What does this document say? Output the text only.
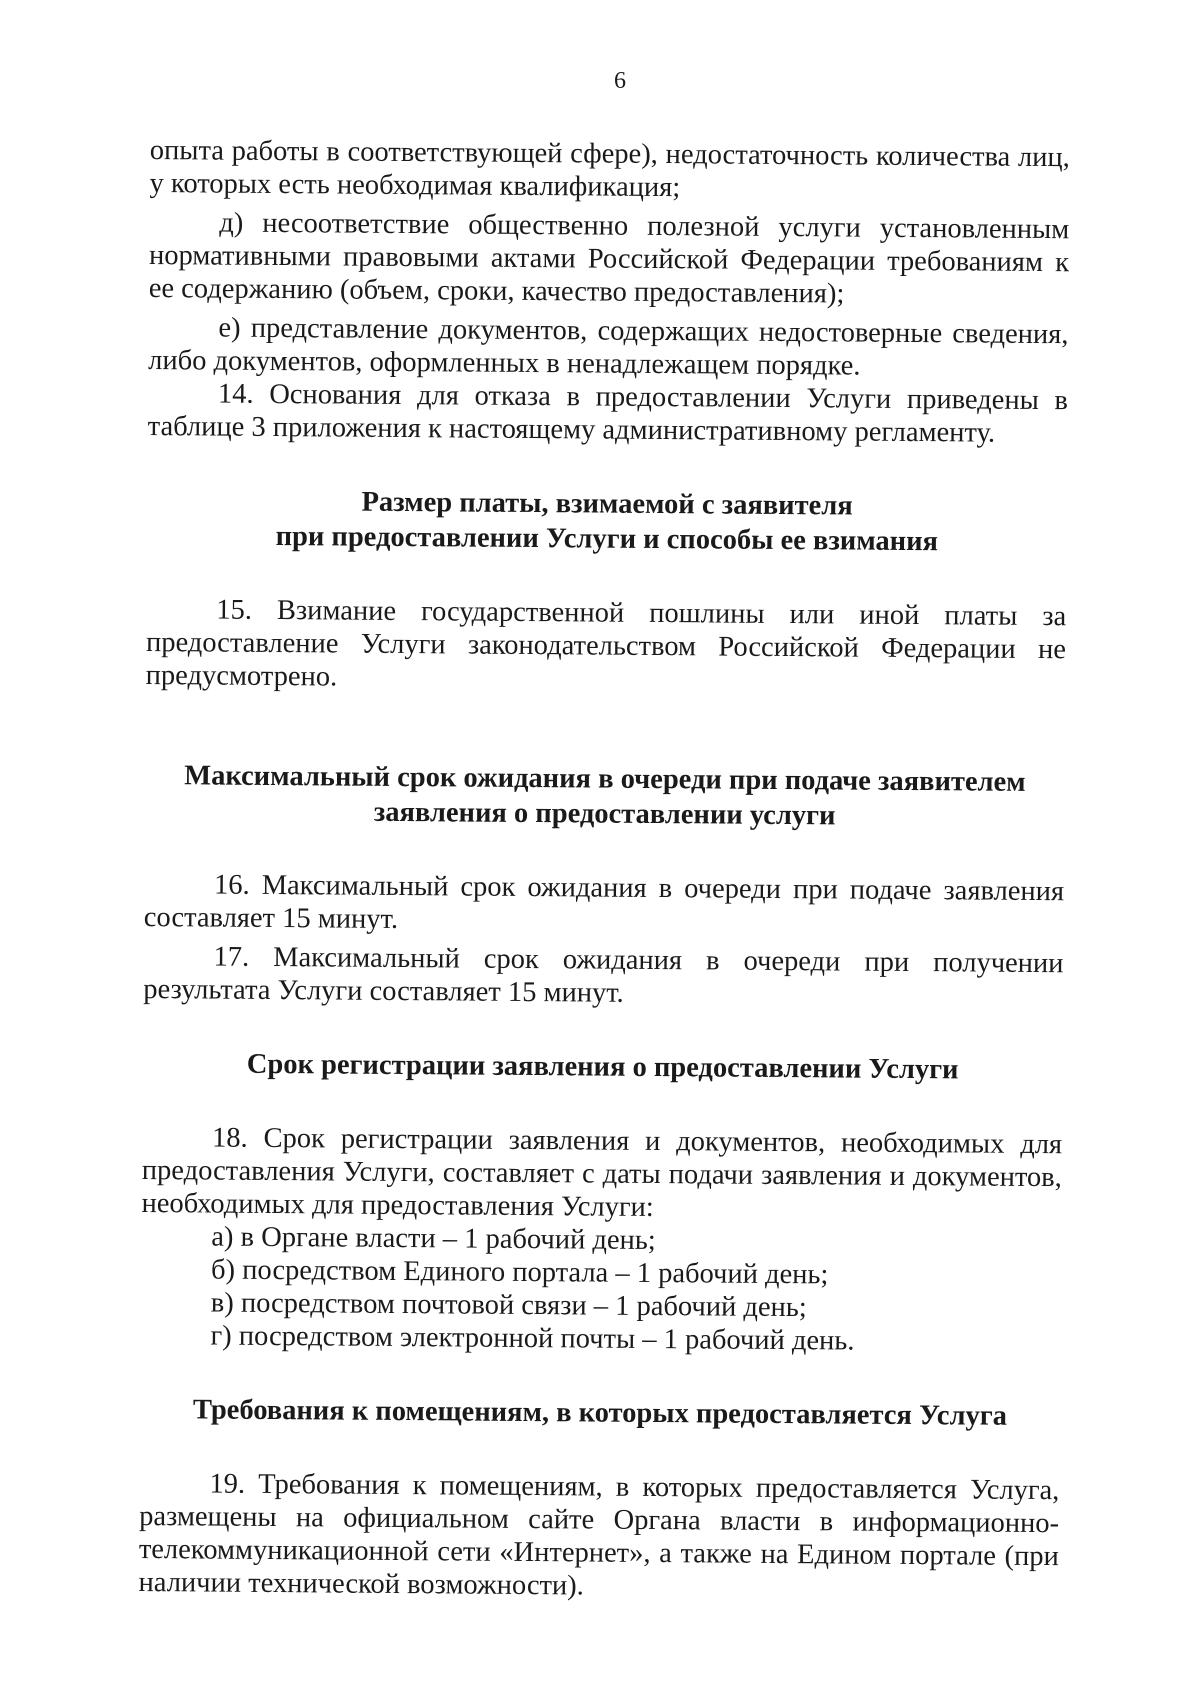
6

опыта работы в соответствующей сфере), недостаточность количества лиц, у которых есть необходимая квалификация;

д) несоответствие общественно полезной услуги установленным нормативными правовыми актами Российской Федерации требованиям к ее содержанию (объем, сроки, качество предоставления);

е) представление документов, содержащих недостоверные сведения, либо документов, оформленных в ненадлежащем порядке.

14. Основания для отказа в предоставлении Услуги приведены в таблице 3 приложения к настоящему административному регламенту.

Размер платы, взимаемой с заявителя

при предоставлении Услуги и способы ее взимания

15. Взимание государственной пошлины или иной платы за предоставление Услуги законодательством Российской Федерации не предусмотрено.

Максимальный срок ожидания в очереди при подаче заявителем

заявления о предоставлении услуги

16. Максимальный срок ожидания в очереди при подаче заявления составляет 15 минут.

17. Максимальный срок ожидания в очереди при получении результата Услуги составляет 15 минут.

Срок регистрации заявления о предоставлении Услуги

18. Срок регистрации заявления и документов, необходимых для предоставления Услуги, составляет с даты подачи заявления и документов, необходимых для предоставления Услуги:

а) в Органе власти – 1 рабочий день;

б) посредством Единого портала – 1 рабочий день;

в) посредством почтовой связи – 1 рабочий день;

г) посредством электронной почты – 1 рабочий день.

Требования к помещениям, в которых предоставляется Услуга

19. Требования к помещениям, в которых предоставляется Услуга, размещены на официальном сайте Органа власти в информационно-телекоммуникационной сети «Интернет», а также на Едином портале (при наличии технической возможности).
